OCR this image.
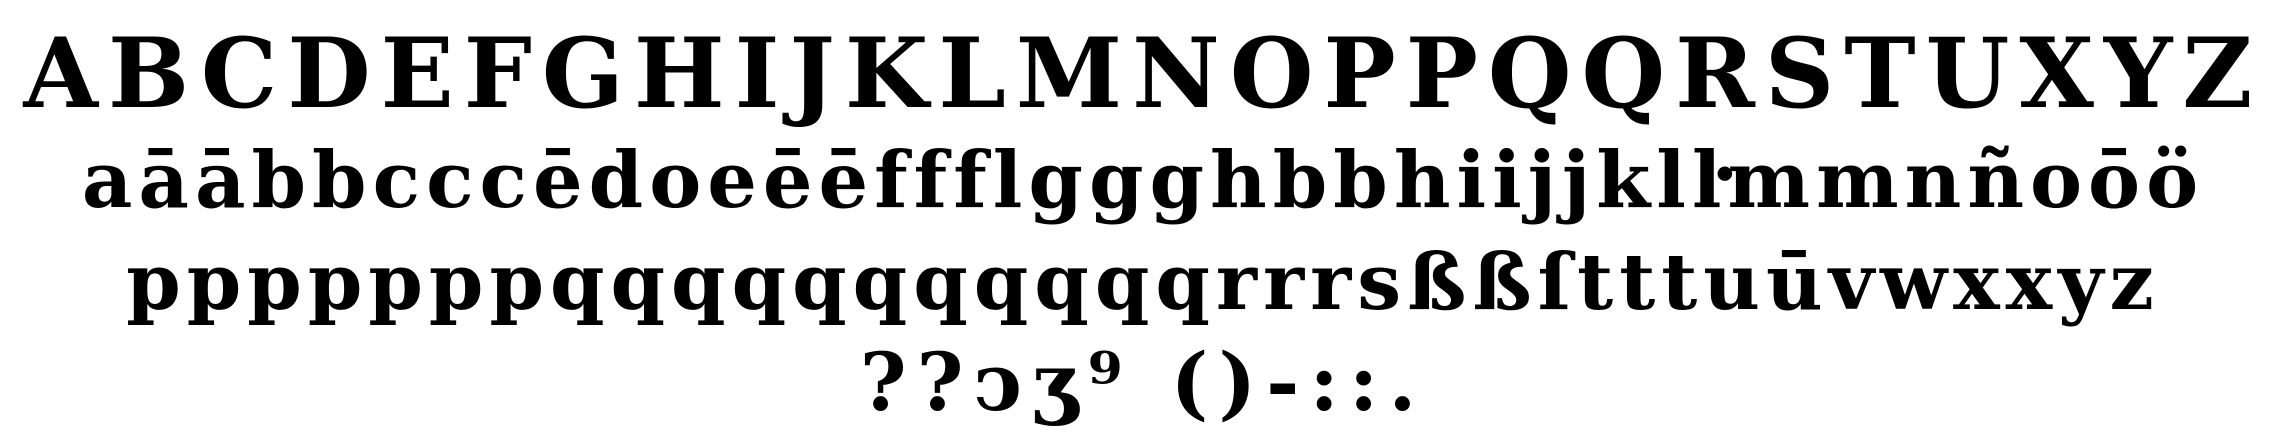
ABCDEFGHIJKLMNOPPQQRSTUXYZ
aāābbcccēdoeēēffflggghbbhiijjklŀmmnñoōö
pppppppqqqqqqqqqqqrrrsßßſtttuūvwxxyz
??ↄʒ⁹ ()-::.
